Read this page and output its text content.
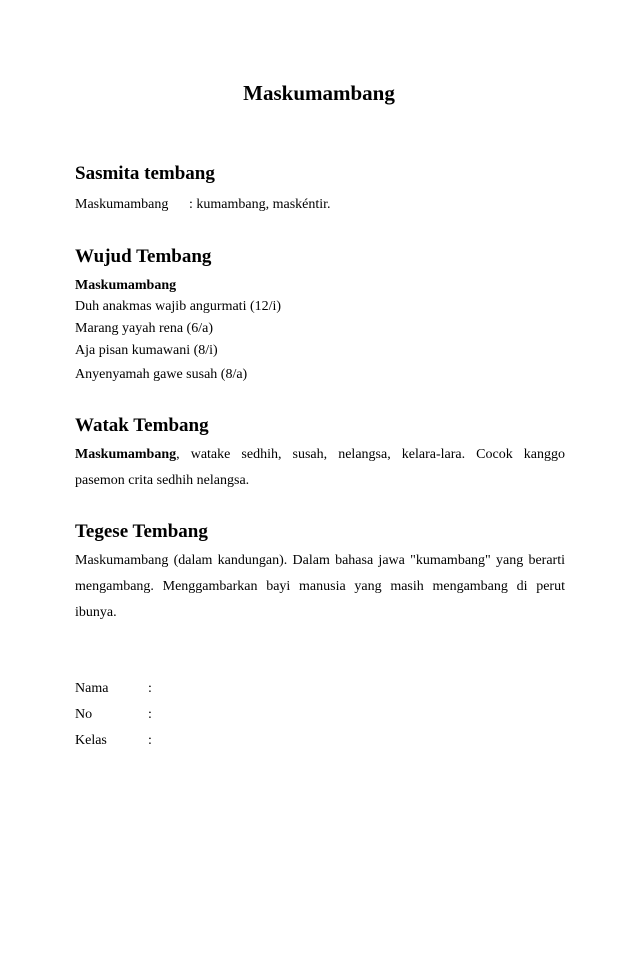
Maskumambang
Sasmita tembang
Maskumambang : kumambang, maskéntir.
Wujud Tembang
Maskumambang
Duh anakmas wajib angurmati (12/i)
Marang yayah rena (6/a)
Aja pisan kumawani (8/i)
Anyenyamah gawe susah (8/a)
Watak Tembang
Maskumambang, watake sedhih, susah, nelangsa, kelara-lara. Cocok kanggo pasemon crita sedhih nelangsa.
Tegese Tembang
Maskumambang (dalam kandungan). Dalam bahasa jawa "kumambang" yang berarti mengambang. Menggambarkan bayi manusia yang masih mengambang di perut ibunya.
Nama	:
No	:
Kelas	:
